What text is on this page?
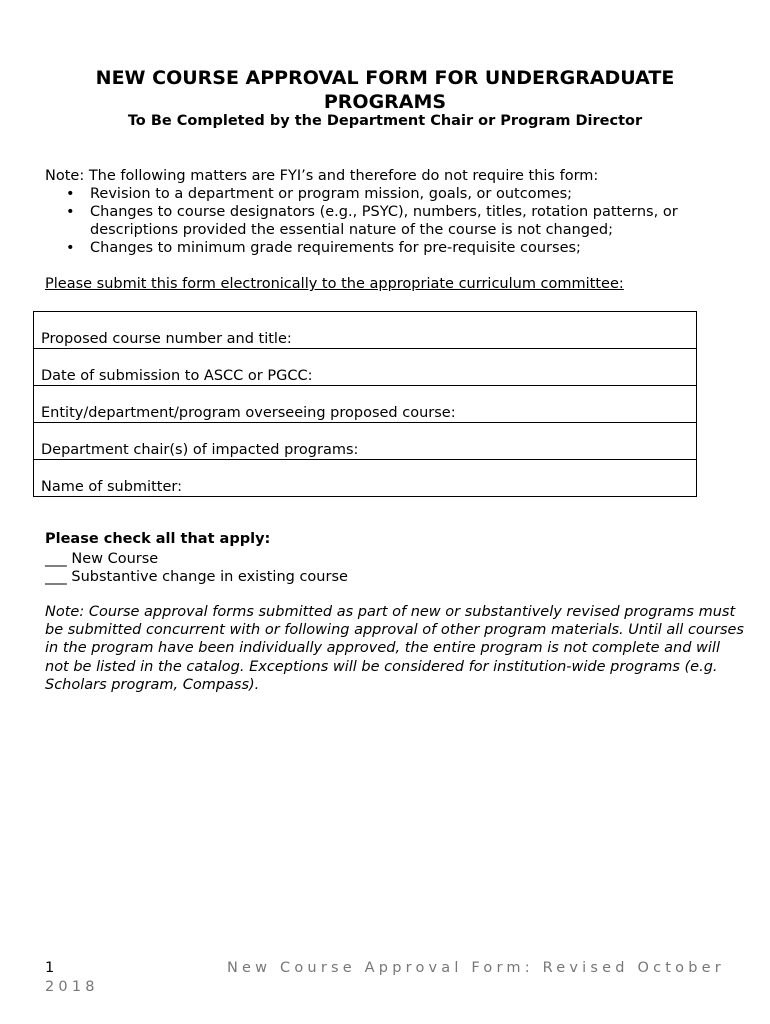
NEW COURSE APPROVAL FORM FOR UNDERGRADUATE PROGRAMS
To Be Completed by the Department Chair or Program Director
Note: The following matters are FYI’s and therefore do not require this form:
• Revision to a department or program mission, goals, or outcomes;
• Changes to course designators (e.g., PSYC), numbers, titles, rotation patterns, or descriptions provided the essential nature of the course is not changed;
• Changes to minimum grade requirements for pre-requisite courses;
Please submit this form electronically to the appropriate curriculum committee:
Proposed course number and title:
Date of submission to ASCC or PGCC:
Entity/department/program overseeing proposed course:
Department chair(s) of impacted programs:
Name of submitter:
Please check all that apply:
___ New Course
___ Substantive change in existing course
Note: Course approval forms submitted as part of new or substantively revised programs must be submitted concurrent with or following approval of other program materials. Until all courses in the program have been individually approved, the entire program is not complete and will not be listed in the catalog. Exceptions will be considered for institution-wide programs (e.g. Scholars program, Compass).
1	New Course Approval Form: Revised October
2018
